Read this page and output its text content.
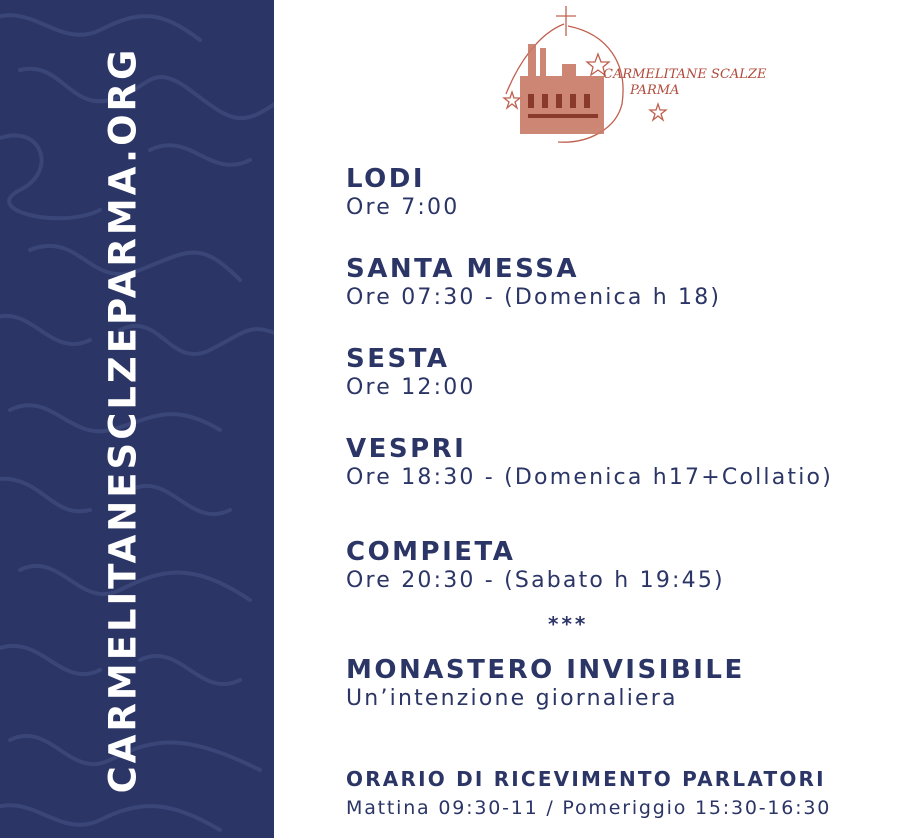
CARMELITANESCLZEPARMA.ORG	CARMELITANE SCALZE
PARMA
LODI
Ore 7:00
SANTA MESSA
Ore 07:30 - (Domenica h 18)
SESTA
Ore 12:00
VESPRI
Ore 18:30 - (Domenica h17+Collatio)
COMPIETA
Ore 20:30 - (Sabato h 19:45)
MONASTERO INVISIBILE
Un’intenzione giornaliera
ORARIO DI RICEVIMENTO PARLATORI
Mattina 09:30-11 / Pomeriggio 15:30-16:30
***
